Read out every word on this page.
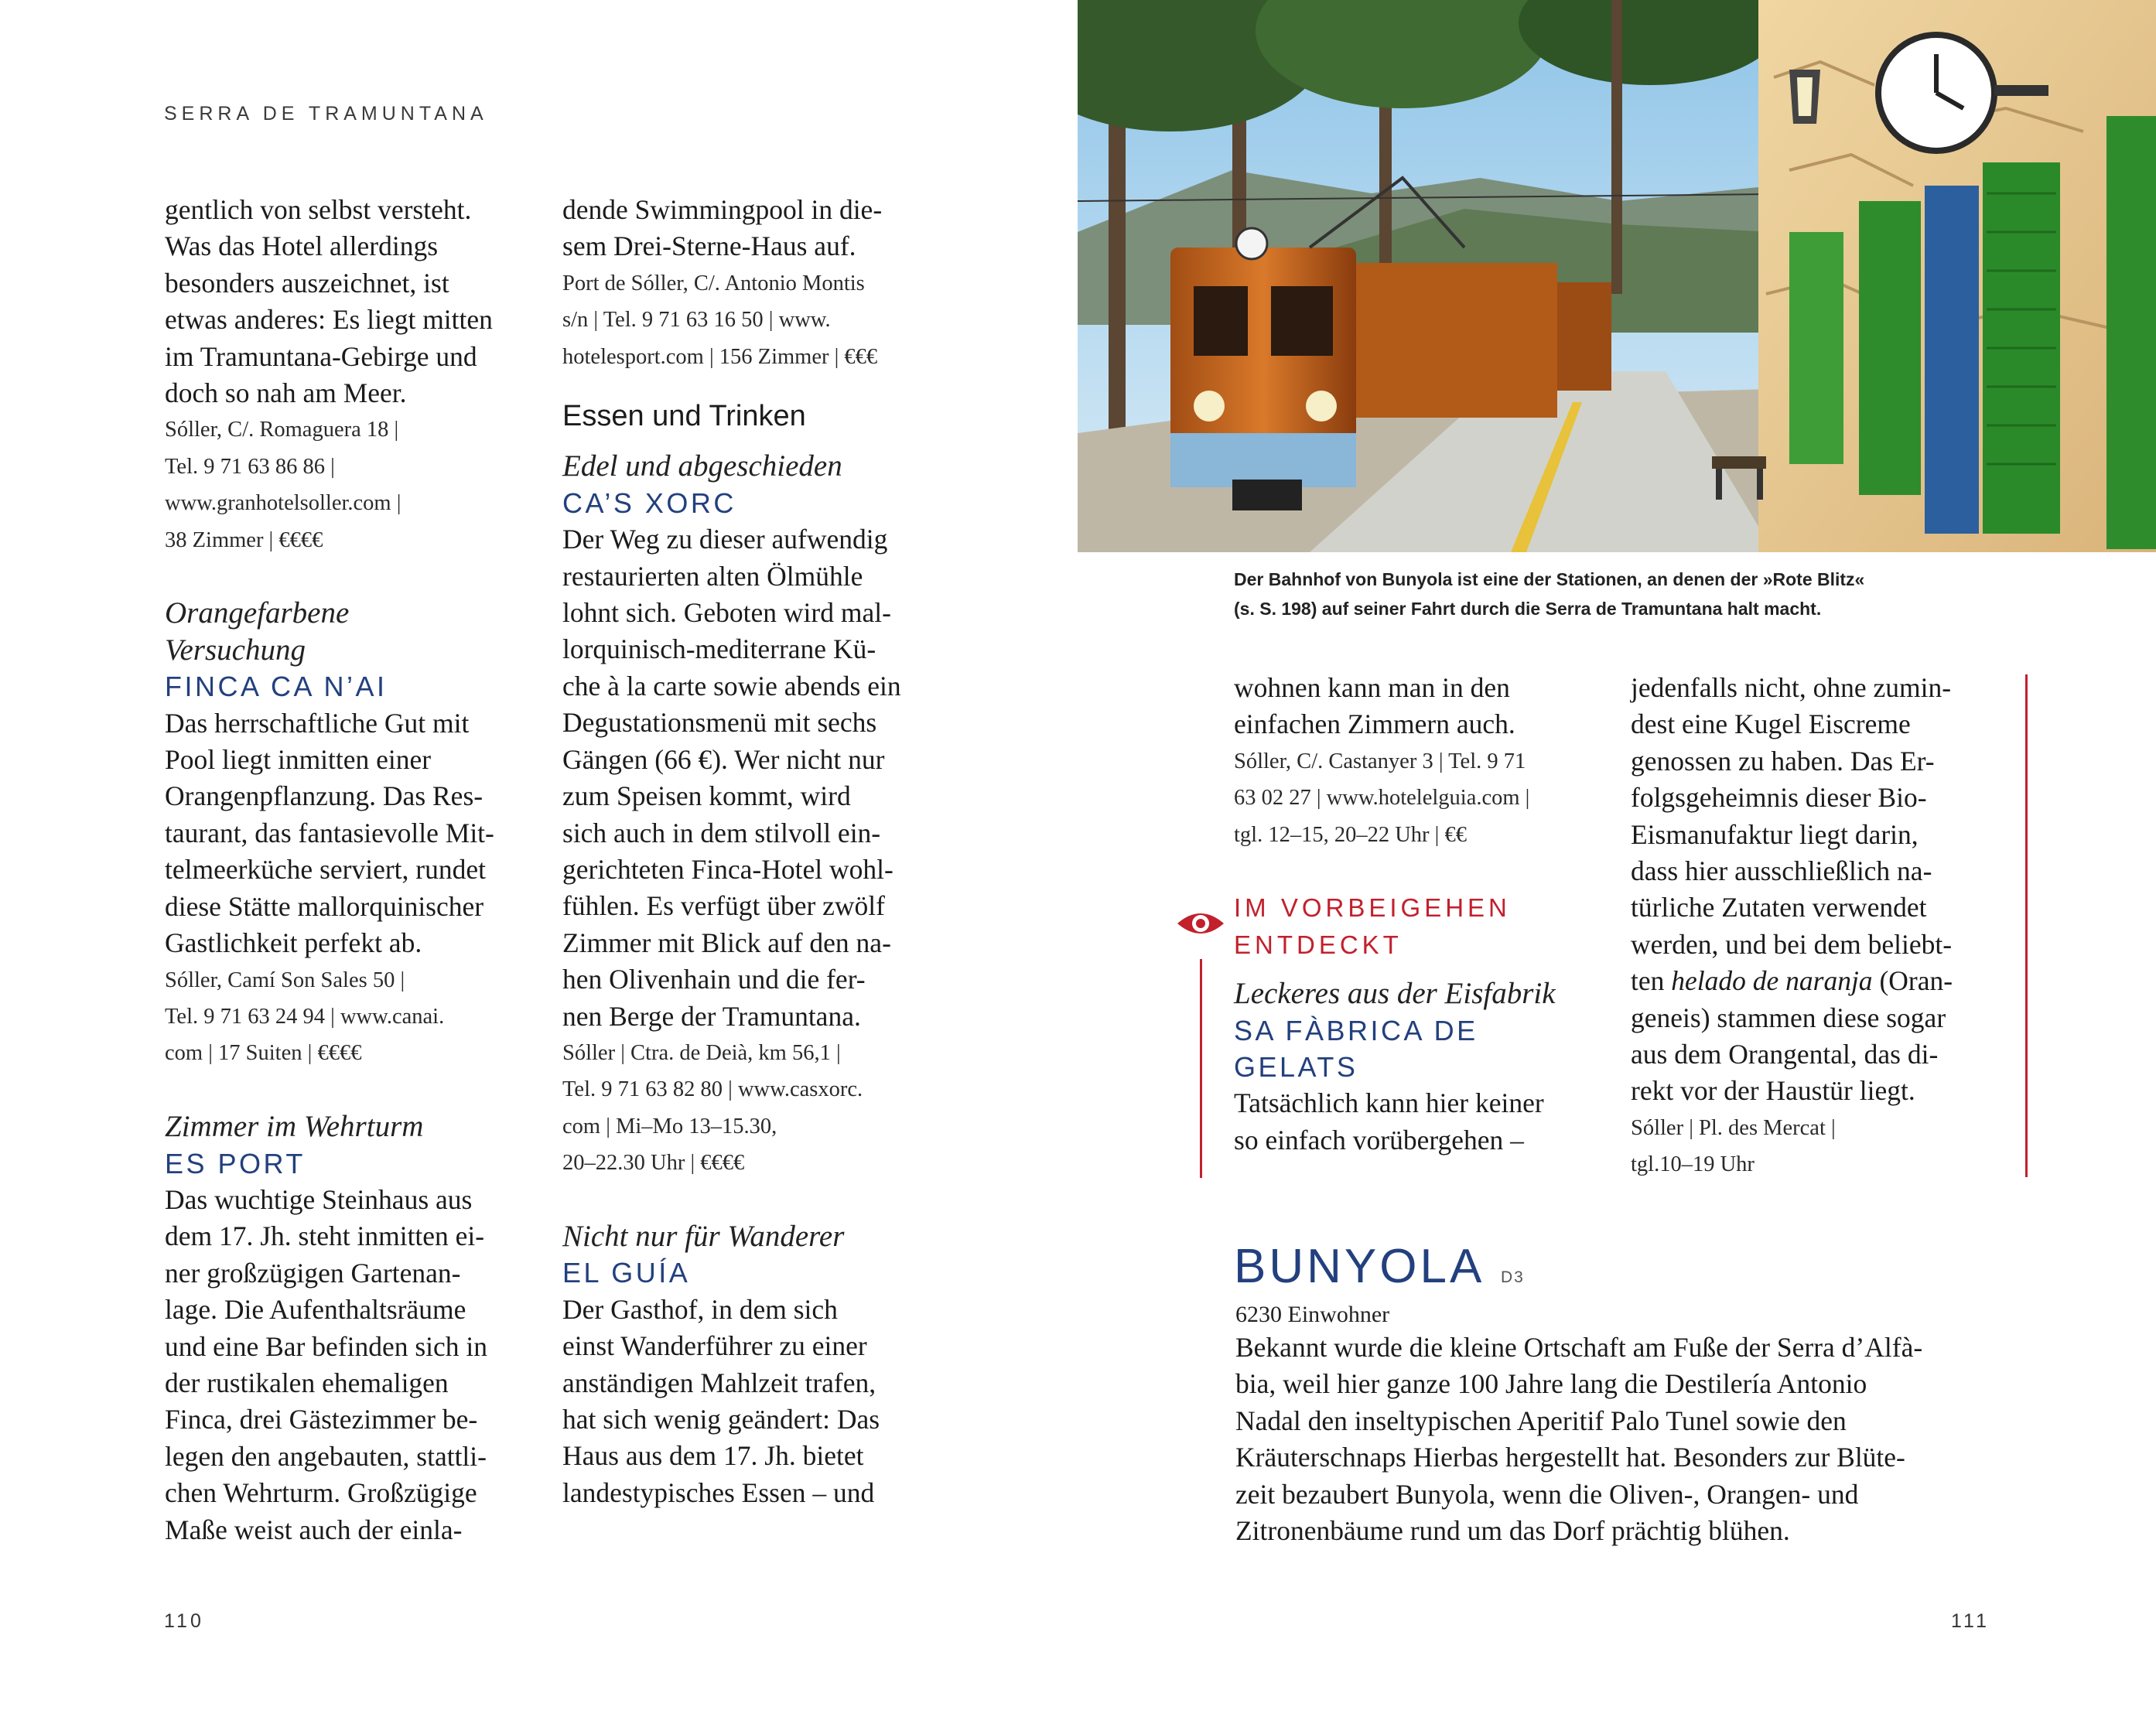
SERRA DE TRAMUNTANA

gentlich von selbst versteht.

Was das Hotel allerdings

besonders auszeichnet, ist

etwas anderes: Es liegt mitten

im Tramuntana-Gebirge und

doch so nah am Meer.

Sóller, C/. Romaguera 18 |

Tel. 9 71 63 86 86 |

www.granhotelsoller.com |

38 Zimmer | €€€€

Orangefarbene

Versuchung

FINCA CA N’AI

Das herrschaftliche Gut mit

Pool liegt inmitten einer

Orangenpflanzung. Das Res-

taurant, das fantasievolle Mit-

telmeerküche serviert, rundet

diese Stätte mallorquinischer

Gastlichkeit perfekt ab.

Sóller, Camí Son Sales 50 |

Tel. 9 71 63 24 94 | www.canai.

com | 17 Suiten | €€€€

Zimmer im Wehrturm

ES PORT

Das wuchtige Steinhaus aus

dem 17. Jh. steht inmitten ei-

ner großzügigen Gartenan-

lage. Die Aufenthaltsräume

und eine Bar befinden sich in

der rustikalen ehemaligen

Finca, drei Gästezimmer be-

legen den angebauten, stattli-

chen Wehrturm. Großzügige

Maße weist auch der einla-

dende Swimmingpool in die-

sem Drei-Sterne-Haus auf.

Port de Sóller, C/. Antonio Montis

s/n | Tel. 9 71 63 16 50 | www.

hotelesport.com | 156 Zimmer | €€€

Essen und Trinken

Edel und abgeschieden

CA’S XORC

Der Weg zu dieser aufwendig

restaurierten alten Ölmühle

lohnt sich. Geboten wird mal-

lorquinisch-mediterrane Kü-

che à la carte sowie abends ein

Degustationsmenü mit sechs

Gängen (66 €). Wer nicht nur

zum Speisen kommt, wird

sich auch in dem stilvoll ein-

gerichteten Finca-Hotel wohl-

fühlen. Es verfügt über zwölf

Zimmer mit Blick auf den na-

hen Olivenhain und die fer-

nen Berge der Tramuntana.

Sóller | Ctra. de Deià, km 56,1 |

Tel. 9 71 63 82 80 | www.casxorc.

com | Mi–Mo 13–15.30,

20–22.30 Uhr | €€€€

Nicht nur für Wanderer

EL GUÍA

Der Gasthof, in dem sich

einst Wanderführer zu einer

anständigen Mahlzeit trafen,

hat sich wenig geändert: Das

Haus aus dem 17. Jh. bietet

landestypisches Essen – und

Der Bahnhof von Bunyola ist eine der Stationen, an denen der »Rote Blitz«
(s. S. 198) auf seiner Fahrt durch die Serra de Tramuntana halt macht.

wohnen kann man in den

einfachen Zimmern auch.

Sóller, C/. Castanyer 3 | Tel. 9 71

63 02 27 | www.hotelelguia.com |

tgl. 12–15, 20–22 Uhr | €€

IM VORBEIGEHEN

ENTDECKT

Leckeres aus der Eisfabrik

SA FÀBRICA DE

GELATS

Tatsächlich kann hier keiner

so einfach vorübergehen –

jedenfalls nicht, ohne zumin-

dest eine Kugel Eiscreme

genossen zu haben. Das Er-

folgsgeheimnis dieser Bio-

Eismanufaktur liegt darin,

dass hier ausschließlich na-

türliche Zutaten verwendet

werden, und bei dem beliebt-

ten helado de naranja (Oran-

geneis) stammen diese sogar

aus dem Orangental, das di-

rekt vor der Haustür liegt.

Sóller | Pl. des Mercat |

tgl.10–19 Uhr

BUNYOLA D3
6230 Einwohner

Bekannt wurde die kleine Ortschaft am Fuße der Serra d’Alfà-

bia, weil hier ganze 100 Jahre lang die Destilería Antonio

Nadal den inseltypischen Aperitif Palo Tunel sowie den

Kräuterschnaps Hierbas hergestellt hat. Besonders zur Blüte-

zeit bezaubert Bunyola, wenn die Oliven-, Orangen- und

Zitronenbäume rund um das Dorf prächtig blühen.

110	111
